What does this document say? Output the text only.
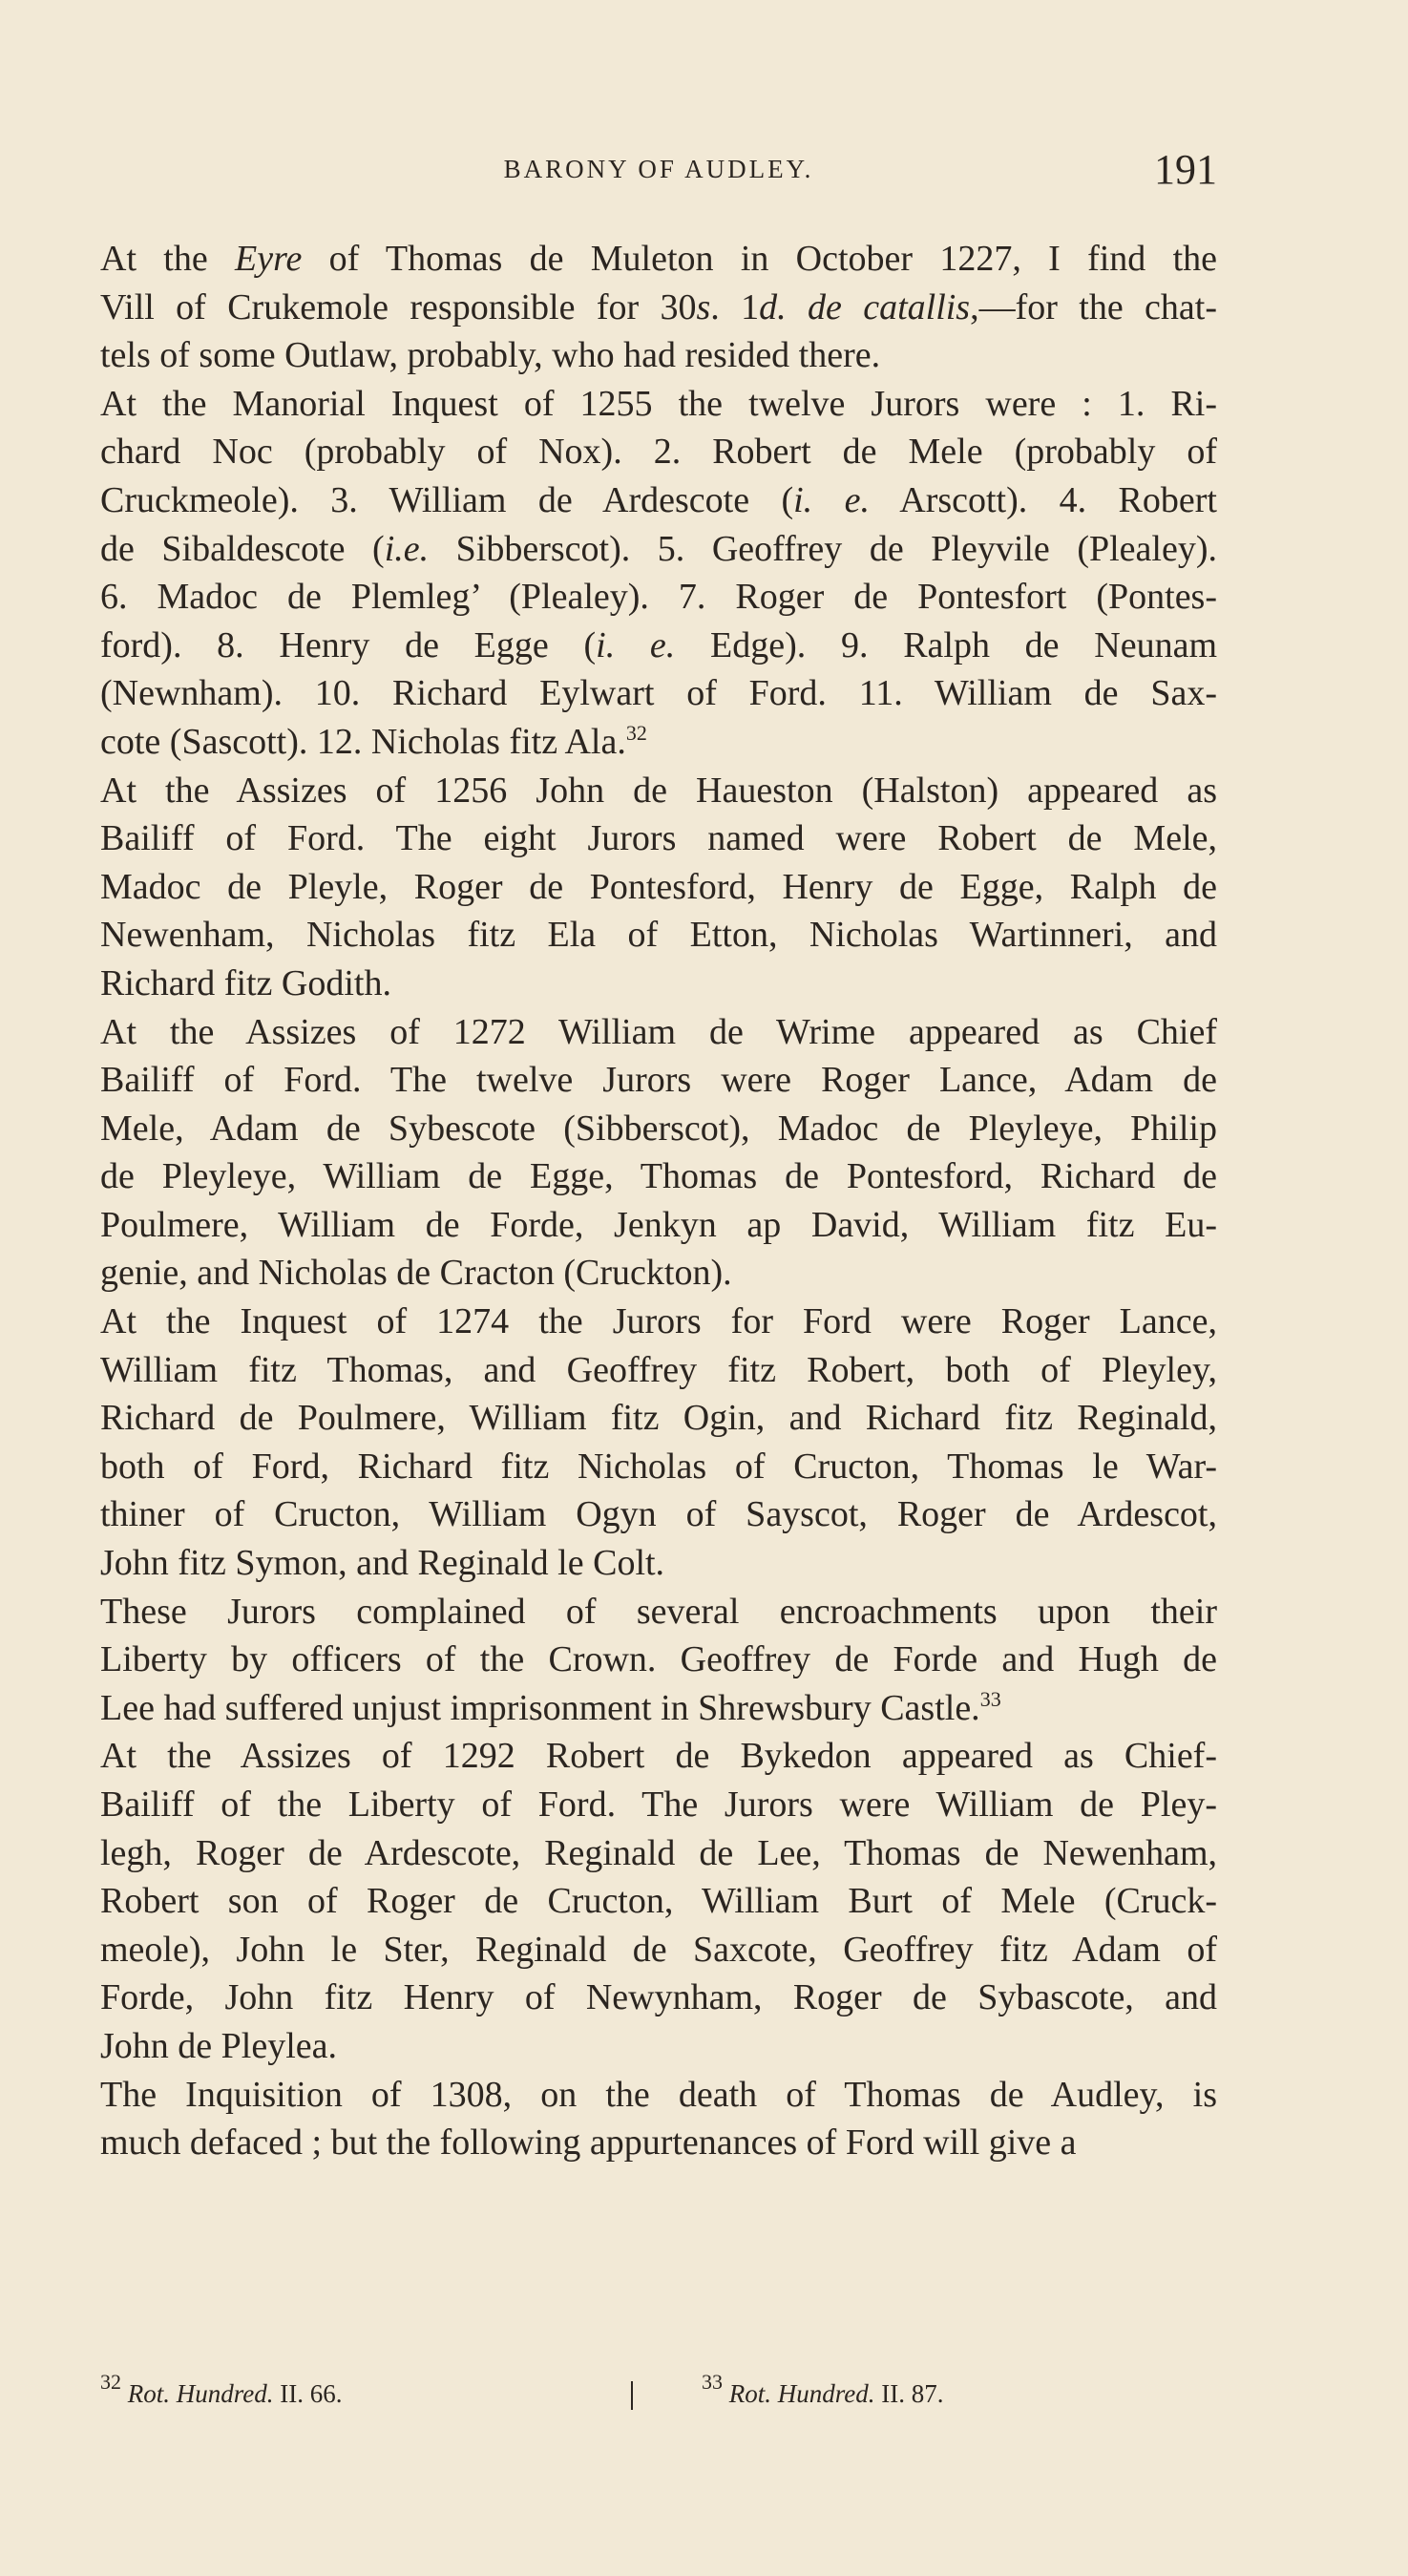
BARONY OF AUDLEY.	191

At the Eyre of Thomas de Muleton in October 1227, I find the
Vill of Crukemole responsible for 30s. 1d. de catallis,—for the chat-
tels of some Outlaw, probably, who had resided there.

At the Manorial Inquest of 1255 the twelve Jurors were : 1. Ri-
chard Noc (probably of Nox). 2. Robert de Mele (probably of
Cruckmeole). 3. William de Ardescote (i. e. Arscott). 4. Robert
de Sibaldescote (i.e. Sibberscot). 5. Geoffrey de Pleyvile (Plealey).
6. Madoc de Plemleg’ (Plealey). 7. Roger de Pontesfort (Pontes-
ford). 8. Henry de Egge (i. e. Edge). 9. Ralph de Neunam
(Newnham). 10. Richard Eylwart of Ford. 11. William de Sax-
cote (Sascott). 12. Nicholas fitz Ala.$^{32}$

At the Assizes of 1256 John de Haueston (Halston) appeared as
Bailiff of Ford. The eight Jurors named were Robert de Mele,
Madoc de Pleyle, Roger de Pontesford, Henry de Egge, Ralph de
Newenham, Nicholas fitz Ela of Etton, Nicholas Wartinneri, and
Richard fitz Godith.

At the Assizes of 1272 William de Wrime appeared as Chief
Bailiff of Ford. The twelve Jurors were Roger Lance, Adam de
Mele, Adam de Sybescote (Sibberscot), Madoc de Pleyleye, Philip
de Pleyleye, William de Egge, Thomas de Pontesford, Richard de
Poulmere, William de Forde, Jenkyn ap David, William fitz Eu-
genie, and Nicholas de Cracton (Cruckton).

At the Inquest of 1274 the Jurors for Ford were Roger Lance,
William fitz Thomas, and Geoffrey fitz Robert, both of Pleyley,
Richard de Poulmere, William fitz Ogin, and Richard fitz Reginald,
both of Ford, Richard fitz Nicholas of Cructon, Thomas le War-
thiner of Cructon, William Ogyn of Sayscot, Roger de Ardescot,
John fitz Symon, and Reginald le Colt.

These Jurors complained of several encroachments upon their
Liberty by officers of the Crown. Geoffrey de Forde and Hugh de
Lee had suffered unjust imprisonment in Shrewsbury Castle.$^{33}$

At the Assizes of 1292 Robert de Bykedon appeared as Chief-
Bailiff of the Liberty of Ford. The Jurors were William de Pley-
legh, Roger de Ardescote, Reginald de Lee, Thomas de Newenham,
Robert son of Roger de Cructon, William Burt of Mele (Cruck-
meole), John le Ster, Reginald de Saxcote, Geoffrey fitz Adam of
Forde, John fitz Henry of Newynham, Roger de Sybascote, and
John de Pleylea.

The Inquisition of 1308, on the death of Thomas de Audley, is
much defaced ; but the following appurtenances of Ford will give a

$^{32}$ Rot. Hundred. II. 66.	$^{33}$ Rot. Hundred. II. 87.
